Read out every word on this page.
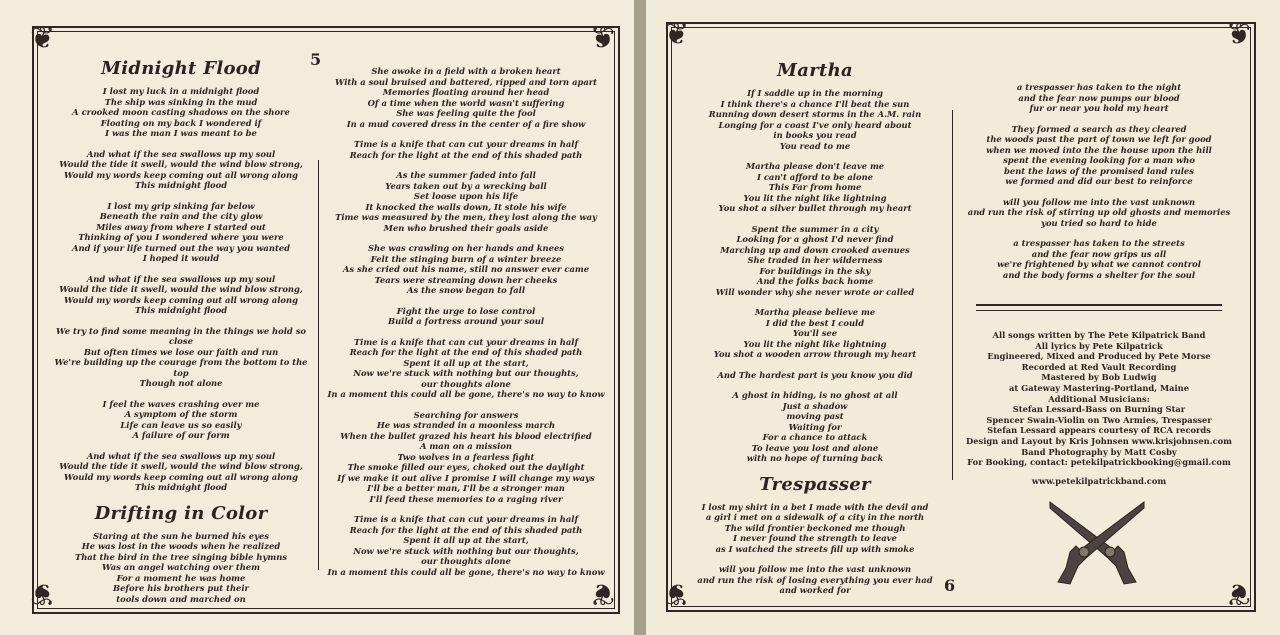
❦	❦
❦	❦
5
Midnight Flood

I lost my luck in a midnight flood

The ship was sinking in the mud

A crooked moon casting shadows on the shore

Floating on my back I wondered if

I was the man I was meant to be

And what if the sea swallows up my soul

Would the tide it swell, would the wind blow strong,

Would my words keep coming out all wrong along

This midnight flood

I lost my grip sinking far below

Beneath the rain and the city glow

Miles away from where I started out

Thinking of you I wondered where you were

And if your life turned out the way you wanted

I hoped it would

And what if the sea swallows up my soul

Would the tide it swell, would the wind blow strong,

Would my words keep coming out all wrong along

This midnight flood

We try to find some meaning in the things we hold so close

But often times we lose our faith and run

We're building up the courage from the bottom to the top

Though not alone

I feel the waves crashing over me

A symptom of the storm

Life can leave us so easily

A failure of our form

And what if the sea swallows up my soul

Would the tide it swell, would the wind blow strong,

Would my words keep coming out all wrong along

This midnight flood

Drifting in Color

Staring at the sun he burned his eyes

He was lost in the woods when he realized

That the bird in the tree singing bible hymns

Was an angel watching over them

For a moment he was home

Before his brothers put their

tools down and marched on

She awoke in a field with a broken heart

With a soul bruised and battered, ripped and torn apart

Memories floating around her head

Of a time when the world wasn't suffering

She was feeling quite the fool

In a mud covered dress in the center of a fire show

Time is a knife that can cut your dreams in half

Reach for the light at the end of this shaded path

As the summer faded into fall

Years taken out by a wrecking ball

Set loose upon his life

It knocked the walls down, It stole his wife

Time was measured by the men, they lost along the way

Men who brushed their goals aside

She was crawling on her hands and knees

Felt the stinging burn of a winter breeze

As she cried out his name, still no answer ever came

Tears were streaming down her cheeks

As the snow began to fall

Fight the urge to lose control

Build a fortress around your soul

Time is a knife that can cut your dreams in half

Reach for the light at the end of this shaded path

Spent it all up at the start,

Now we're stuck with nothing but our thoughts,

our thoughts alone

In a moment this could all be gone, there's no way to know

Searching for answers

He was stranded in a moonless march

When the bullet grazed his heart his blood electrified

A man on a mission

Two wolves in a fearless fight

The smoke filled our eyes, choked out the daylight

If we make it out alive I promise I will change my ways

I'll be a better man, I'll be a stronger man

I'll feed these memories to a raging river

Time is a knife that can cut your dreams in half

Reach for the light at the end of this shaded path

Spent it all up at the start,

Now we're stuck with nothing but our thoughts,

our thoughts alone

In a moment this could all be gone, there's no way to know

❦	❦
❦	❦
Martha

If I saddle up in the morning

I think there's a chance I'll beat the sun

Running down desert storms in the A.M. rain

Longing for a coast I've only heard about

in books you read

You read to me

Martha please don't leave me

I can't afford to be alone

This Far from home

You lit the night like lightning

You shot a silver bullet through my heart

Spent the summer in a city

Looking for a ghost I'd never find

Marching up and down crooked avenues

She traded in her wilderness

For buildings in the sky

And the folks back home

Will wonder why she never wrote or called

Martha please believe me

I did the best I could

You'll see

You lit the night like lightning

You shot a wooden arrow through my heart

And The hardest part is you know you did

A ghost in hiding, is no ghost at all

Just a shadow

moving past

Waiting for

For a chance to attack

To leave you lost and alone

with no hope of turning back

Trespasser

I lost my shirt in a bet I made with the devil and

a girl i met on a sidewalk of a city in the north

The wild frontier beckoned me though

I never found the strength to leave

as I watched the streets fill up with smoke

will you follow me into the vast unknown

and run the risk of losing everything you ever had

and worked for

a trespasser has taken to the night

and the fear now pumps our blood

fur or near you hold my heart

They formed a search as they cleared

the woods past the part of town we left for good

when we moved into the the house upon the hill

spent the evening looking for a man who

bent the laws of the promised land rules

we formed and did our best to reinforce

will you follow me into the vast unknown

and run the risk of stirring up old ghosts and memories

you tried so hard to hide

a trespasser has taken to the streets

and the fear now grips us all

we're frightened by what we cannot control

and the body forms a shelter for the soul

All songs written by The Pete Kilpatrick Band

All lyrics by Pete Kilpatrick

Engineered, Mixed and Produced by Pete Morse

Recorded at Red Vault Recording

Mastered by Bob Ludwig

at Gateway Mastering-Portland, Maine

Additional Musicians:

Stefan Lessard-Bass on Burning Star

Spencer Swain-Violin on Two Armies, Trespasser

Stefan Lessard appears courtesy of RCA records

Design and Layout by Kris Johnsen www.krisjohnsen.com

Band Photography by Matt Cosby

For Booking, contact: petekilpatrickbooking@gmail.com

www.petekilpatrickband.com
6
